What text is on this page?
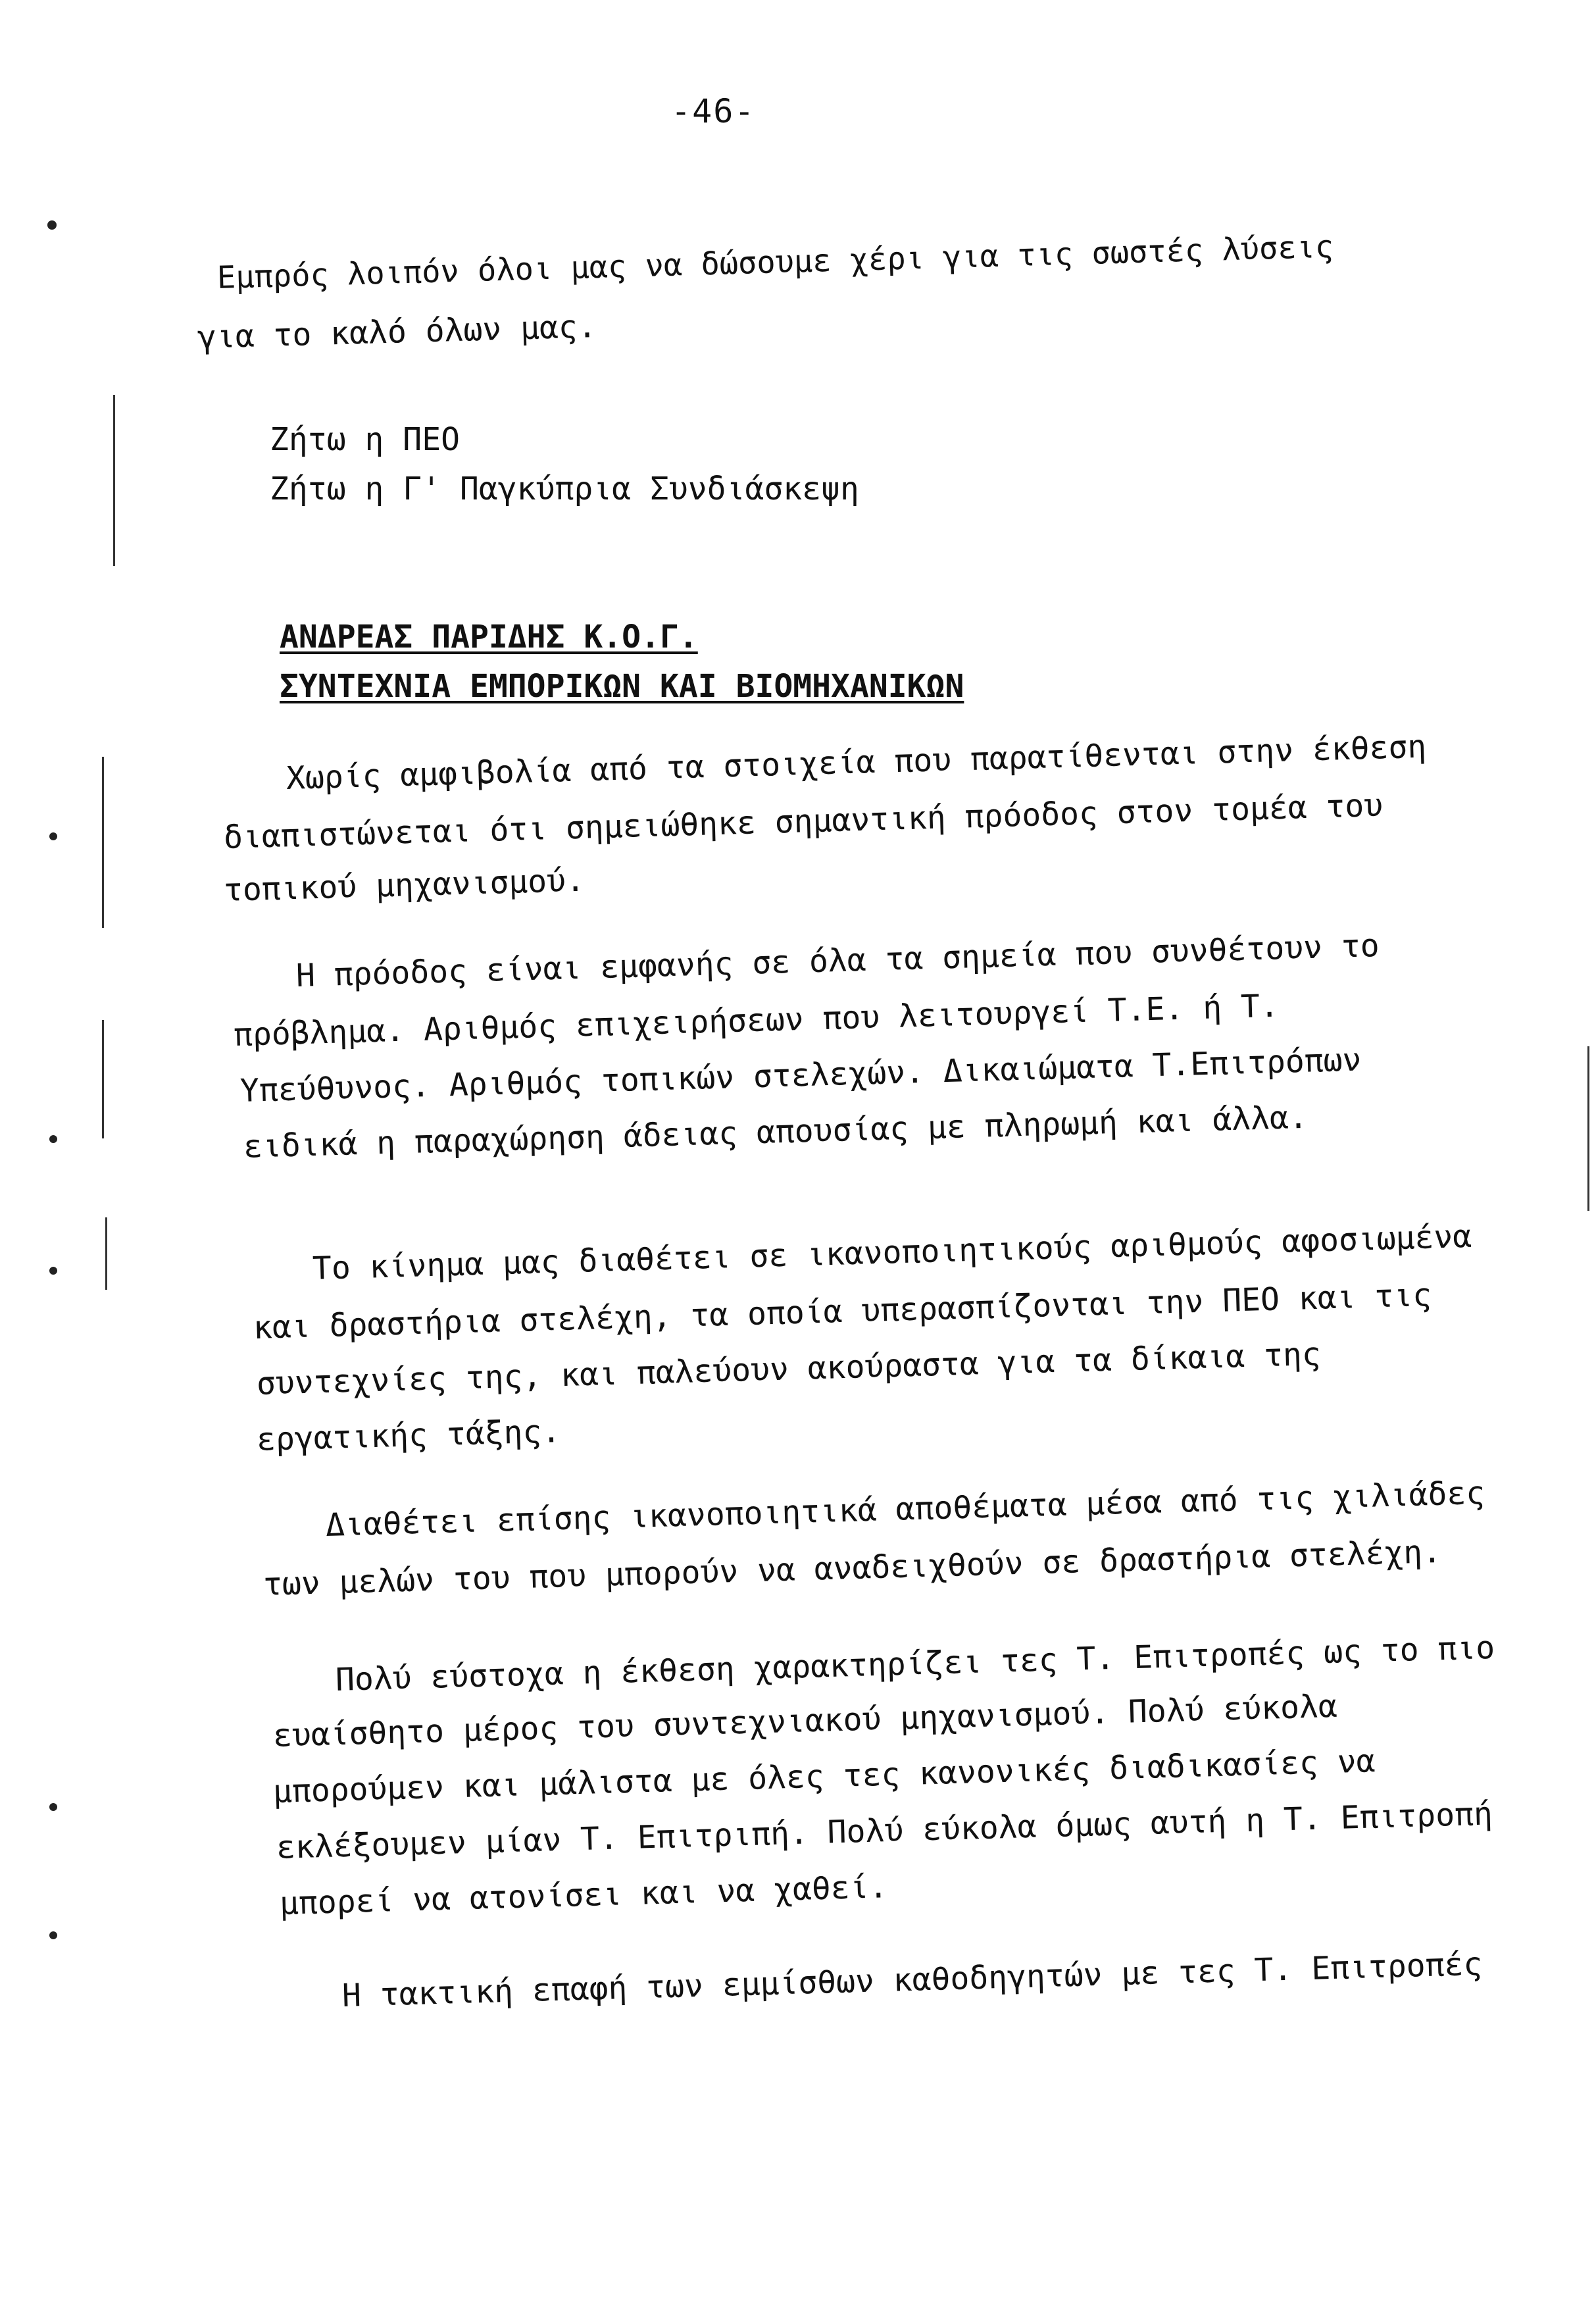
-46-
Εμπρός λοιπόν όλοι μας να δώσουμε χέρι για τις σωστές λύσεις
για το καλό όλων μας.
Ζήτω η ΠΕΟ
Ζήτω η Γ' Παγκύπρια Συνδιάσκεψη
ΑΝΔΡΕΑΣ ΠΑΡΙΔΗΣ Κ.Ο.Γ.
ΣΥΝΤΕΧΝΙΑ ΕΜΠΟΡΙΚΩΝ ΚΑΙ ΒΙΟΜΗΧΑΝΙΚΩΝ
Χωρίς αμφιβολία από τα στοιχεία που παρατίθενται στην έκθεση
διαπιστώνεται ότι σημειώθηκε σημαντική πρόοδος στον τομέα του
τοπικού μηχανισμού.
Η πρόοδος είναι εμφανής σε όλα τα σημεία που συνθέτουν το
πρόβλημα. Αριθμός επιχειρήσεων που λειτουργεί Τ.Ε. ή Τ.
Υπεύθυνος. Αριθμός τοπικών στελεχών. Δικαιώματα Τ.Επιτρόπων
ειδικά η παραχώρηση άδειας απουσίας με πληρωμή και άλλα.
Το κίνημα μας διαθέτει σε ικανοποιητικούς αριθμούς αφοσιωμένα
και δραστήρια στελέχη, τα οποία υπερασπίζονται την ΠΕΟ και τις
συντεχνίες της, και παλεύουν ακούραστα για τα δίκαια της
εργατικής τάξης.
Διαθέτει επίσης ικανοποιητικά αποθέματα μέσα από τις χιλιάδες
των μελών του που μπορούν να αναδειχθούν σε δραστήρια στελέχη.
Πολύ εύστοχα η έκθεση χαρακτηρίζει τες Τ. Επιτροπές ως το πιο
ευαίσθητο μέρος του συντεχνιακού μηχανισμού. Πολύ εύκολα
μπορούμεν και μάλιστα με όλες τες κανονικές διαδικασίες να
εκλέξουμεν μίαν Τ. Επιτριπή. Πολύ εύκολα όμως αυτή η Τ. Επιτροπή
μπορεί να ατονίσει και να χαθεί.
Η τακτική επαφή των εμμίσθων καθοδηγητών με τες Τ. Επιτροπές
